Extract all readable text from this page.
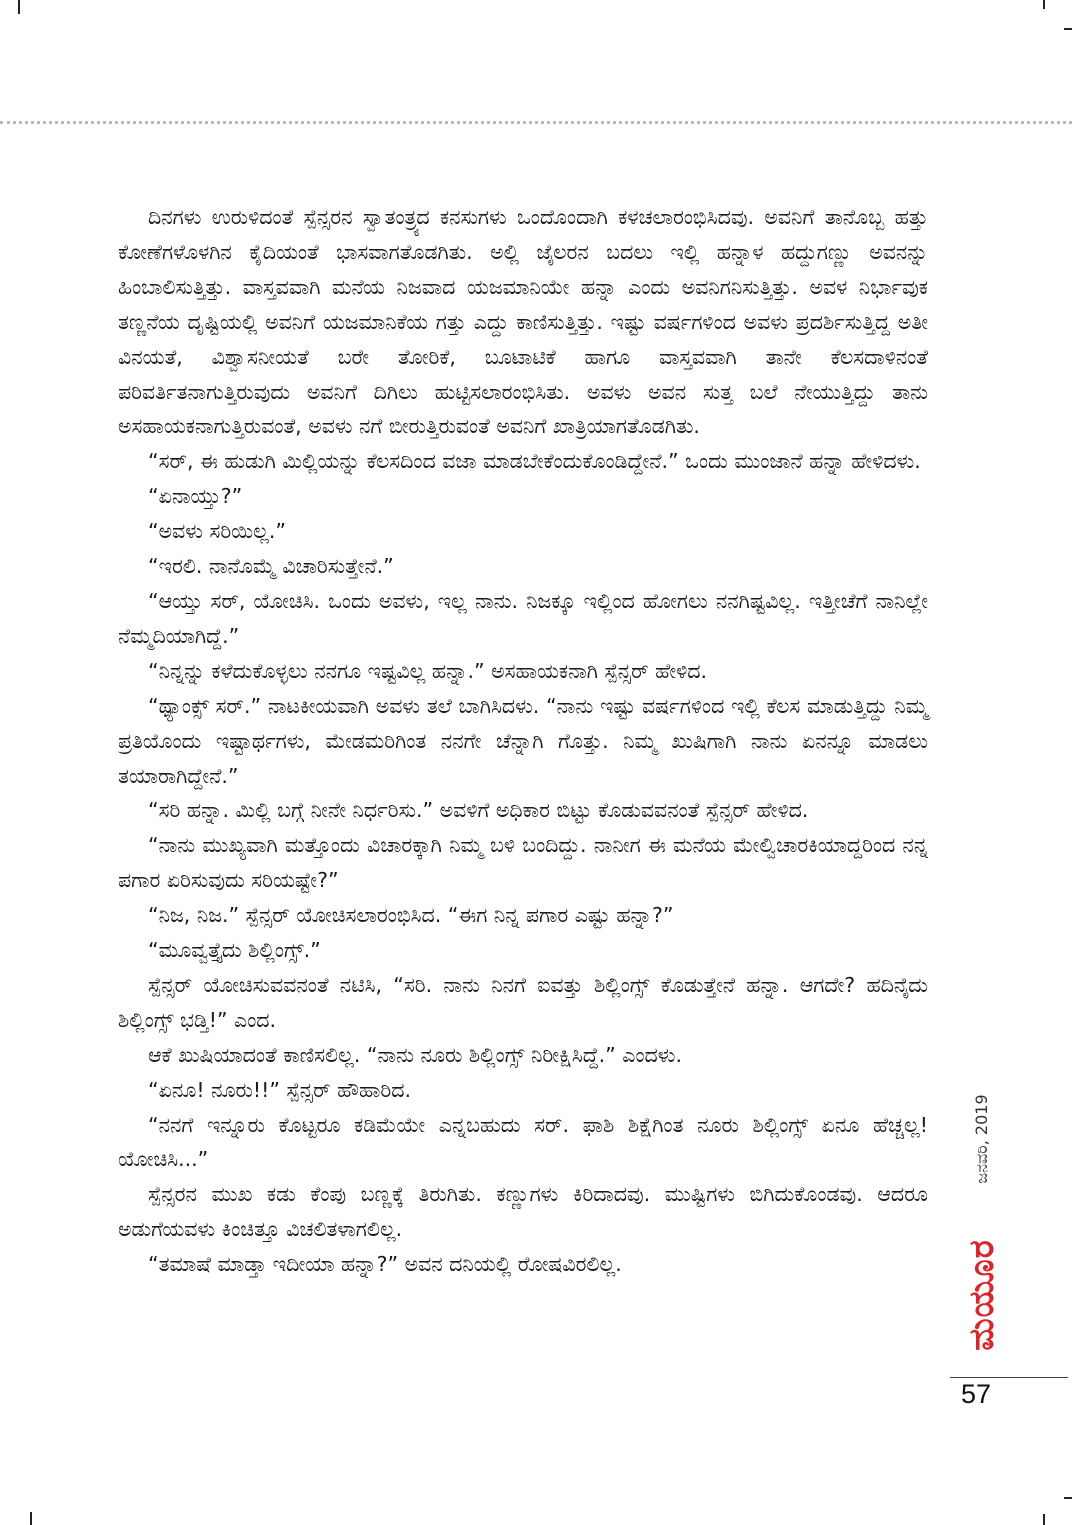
ದಿನಗಳು ಉರುಳಿದಂತೆ ಸ್ಪೆನ್ಸರನ ಸ್ವಾತಂತ್ರ್ಯದ ಕನಸುಗಳು ಒಂದೊಂದಾಗಿ ಕಳಚಲಾರಂಭಿಸಿದವು. ಅವನಿಗೆ ತಾನೊಬ್ಬ ಹತ್ತು ಕೋಣೆಗಳೊಳಗಿನ ಕೈದಿಯಂತೆ ಭಾಸವಾಗತೊಡಗಿತು. ಅಲ್ಲಿ ಜೈಲರನ ಬದಲು ಇಲ್ಲಿ ಹನ್ನಾಳ ಹದ್ದುಗಣ್ಣು ಅವನನ್ನು ಹಿಂಬಾಲಿಸುತ್ತಿತ್ತು. ವಾಸ್ತವವಾಗಿ ಮನೆಯ ನಿಜವಾದ ಯಜಮಾನಿಯೇ ಹನ್ನಾ ಎಂದು ಅವನಿಗನಿಸುತ್ತಿತ್ತು. ಅವಳ ನಿರ್ಭಾವುಕ ತಣ್ಣನೆಯ ದೃಷ್ಟಿಯಲ್ಲಿ ಅವನಿಗೆ ಯಜಮಾನಿಕೆಯ ಗತ್ತು ಎದ್ದು ಕಾಣಿಸುತ್ತಿತ್ತು. ಇಷ್ಟು ವರ್ಷಗಳಿಂದ ಅವಳು ಪ್ರದರ್ಶಿಸುತ್ತಿದ್ದ ಅತೀ ವಿನಯತೆ, ವಿಶ್ವಾಸನೀಯತೆ ಬರೇ ತೋರಿಕೆ, ಬೂಟಾಟಿಕೆ ಹಾಗೂ ವಾಸ್ತವವಾಗಿ ತಾನೇ ಕೆಲಸದಾಳಿನಂತೆ ಪರಿವರ್ತಿತನಾಗುತ್ತಿರುವುದು ಅವನಿಗೆ ದಿಗಿಲು ಹುಟ್ಟಿಸಲಾರಂಭಿಸಿತು. ಅವಳು ಅವನ ಸುತ್ತ ಬಲೆ ನೇಯುತ್ತಿದ್ದು ತಾನು ಅಸಹಾಯಕನಾಗುತ್ತಿರುವಂತೆ, ಅವಳು ನಗೆ ಬೀರುತ್ತಿರುವಂತೆ ಅವನಿಗೆ ಖಾತ್ರಿಯಾಗತೊಡಗಿತು.

“ಸರ್, ಈ ಹುಡುಗಿ ಮಿಲ್ಲಿಯನ್ನು ಕೆಲಸದಿಂದ ವಜಾ ಮಾಡಬೇಕೆಂದುಕೊಂಡಿದ್ದೇನೆ.” ಒಂದು ಮುಂಜಾನೆ ಹನ್ನಾ ಹೇಳಿದಳು.

“ಏನಾಯ್ತು?”

“ಅವಳು ಸರಿಯಿಲ್ಲ.”

“ಇರಲಿ. ನಾನೊಮ್ಮೆ ವಿಚಾರಿಸುತ್ತೇನೆ.”

“ಆಯ್ತು ಸರ್, ಯೋಚಿಸಿ. ಒಂದು ಅವಳು, ಇಲ್ಲ ನಾನು. ನಿಜಕ್ಕೂ ಇಲ್ಲಿಂದ ಹೋಗಲು ನನಗಿಷ್ಟವಿಲ್ಲ. ಇತ್ತೀಚೆಗೆ ನಾನಿಲ್ಲೇ ನೆಮ್ಮದಿಯಾಗಿದ್ದೆ.”

“ನಿನ್ನನ್ನು ಕಳೆದುಕೊಳ್ಳಲು ನನಗೂ ಇಷ್ಟವಿಲ್ಲ ಹನ್ನಾ.” ಅಸಹಾಯಕನಾಗಿ ಸ್ಪೆನ್ಸರ್ ಹೇಳಿದ.

“ಥ್ಯಾಂಕ್ಸ್ ಸರ್.” ನಾಟಕೀಯವಾಗಿ ಅವಳು ತಲೆ ಬಾಗಿಸಿದಳು. “ನಾನು ಇಷ್ಟು ವರ್ಷಗಳಿಂದ ಇಲ್ಲಿ ಕೆಲಸ ಮಾಡುತ್ತಿದ್ದು ನಿಮ್ಮ ಪ್ರತಿಯೊಂದು ಇಷ್ಟಾರ್ಥಗಳು, ಮೇಡಮರಿಗಿಂತ ನನಗೇ ಚೆನ್ನಾಗಿ ಗೊತ್ತು. ನಿಮ್ಮ ಖುಷಿಗಾಗಿ ನಾನು ಏನನ್ನೂ ಮಾಡಲು ತಯಾರಾಗಿದ್ದೇನೆ.”

“ಸರಿ ಹನ್ನಾ. ಮಿಲ್ಲಿ ಬಗ್ಗೆ ನೀನೇ ನಿರ್ಧರಿಸು.” ಅವಳಿಗೆ ಅಧಿಕಾರ ಬಿಟ್ಟು ಕೊಡುವವನಂತೆ ಸ್ಪೆನ್ಸರ್ ಹೇಳಿದ.

“ನಾನು ಮುಖ್ಯವಾಗಿ ಮತ್ತೊಂದು ವಿಚಾರಕ್ಕಾಗಿ ನಿಮ್ಮ ಬಳಿ ಬಂದಿದ್ದು. ನಾನೀಗ ಈ ಮನೆಯ ಮೇಲ್ವಿಚಾರಕಿಯಾದ್ದರಿಂದ ನನ್ನ ಪಗಾರ ಏರಿಸುವುದು ಸರಿಯಷ್ಟೇ?”

“ನಿಜ, ನಿಜ.” ಸ್ಪೆನ್ಸರ್ ಯೋಚಿಸಲಾರಂಭಿಸಿದ. “ಈಗ ನಿನ್ನ ಪಗಾರ ಎಷ್ಟು ಹನ್ನಾ?”

“ಮೂವ್ವತ್ತೈದು ಶಿಲ್ಲಿಂಗ್ಸ್.”

ಸ್ಪೆನ್ಸರ್ ಯೋಚಿಸುವವನಂತೆ ನಟಿಸಿ, “ಸರಿ. ನಾನು ನಿನಗೆ ಐವತ್ತು ಶಿಲ್ಲಿಂಗ್ಸ್ ಕೊಡುತ್ತೇನೆ ಹನ್ನಾ. ಆಗದೇ? ಹದಿನೈದು ಶಿಲ್ಲಿಂಗ್ಸ್ ಭಡ್ತಿ!” ಎಂದ.

ಆಕೆ ಖುಷಿಯಾದಂತೆ ಕಾಣಿಸಲಿಲ್ಲ. “ನಾನು ನೂರು ಶಿಲ್ಲಿಂಗ್ಸ್ ನಿರೀಕ್ಷಿಸಿದ್ದೆ.” ಎಂದಳು.

“ಏನೂ! ನೂರು!!” ಸ್ಪೆನ್ಸರ್ ಹೌಹಾರಿದ.

“ನನಗೆ ಇನ್ನೂರು ಕೊಟ್ಟರೂ ಕಡಿಮೆಯೇ ಎನ್ನಬಹುದು ಸರ್. ಫಾಶಿ ಶಿಕ್ಷೆಗಿಂತ ನೂರು ಶಿಲ್ಲಿಂಗ್ಸ್ ಏನೂ ಹೆಚ್ಚಲ್ಲ! ಯೋಚಿಸಿ...”

ಸ್ಪೆನ್ಸರನ ಮುಖ ಕಡು ಕೆಂಪು ಬಣ್ಣಕ್ಕೆ ತಿರುಗಿತು. ಕಣ್ಣುಗಳು ಕಿರಿದಾದವು. ಮುಷ್ಟಿಗಳು ಬಿಗಿದುಕೊಂಡವು. ಆದರೂ ಅಡುಗೆಯವಳು ಕಿಂಚಿತ್ತೂ ವಿಚಲಿತಳಾಗಲಿಲ್ಲ.

“ತಮಾಷೆ ಮಾಡ್ತಾ ಇದೀಯಾ ಹನ್ನಾ?” ಅವನ ದನಿಯಲ್ಲಿ ರೋಷವಿರಲಿಲ್ಲ.

ಜನವರಿ, 2019
ಮಯೂರ
57
